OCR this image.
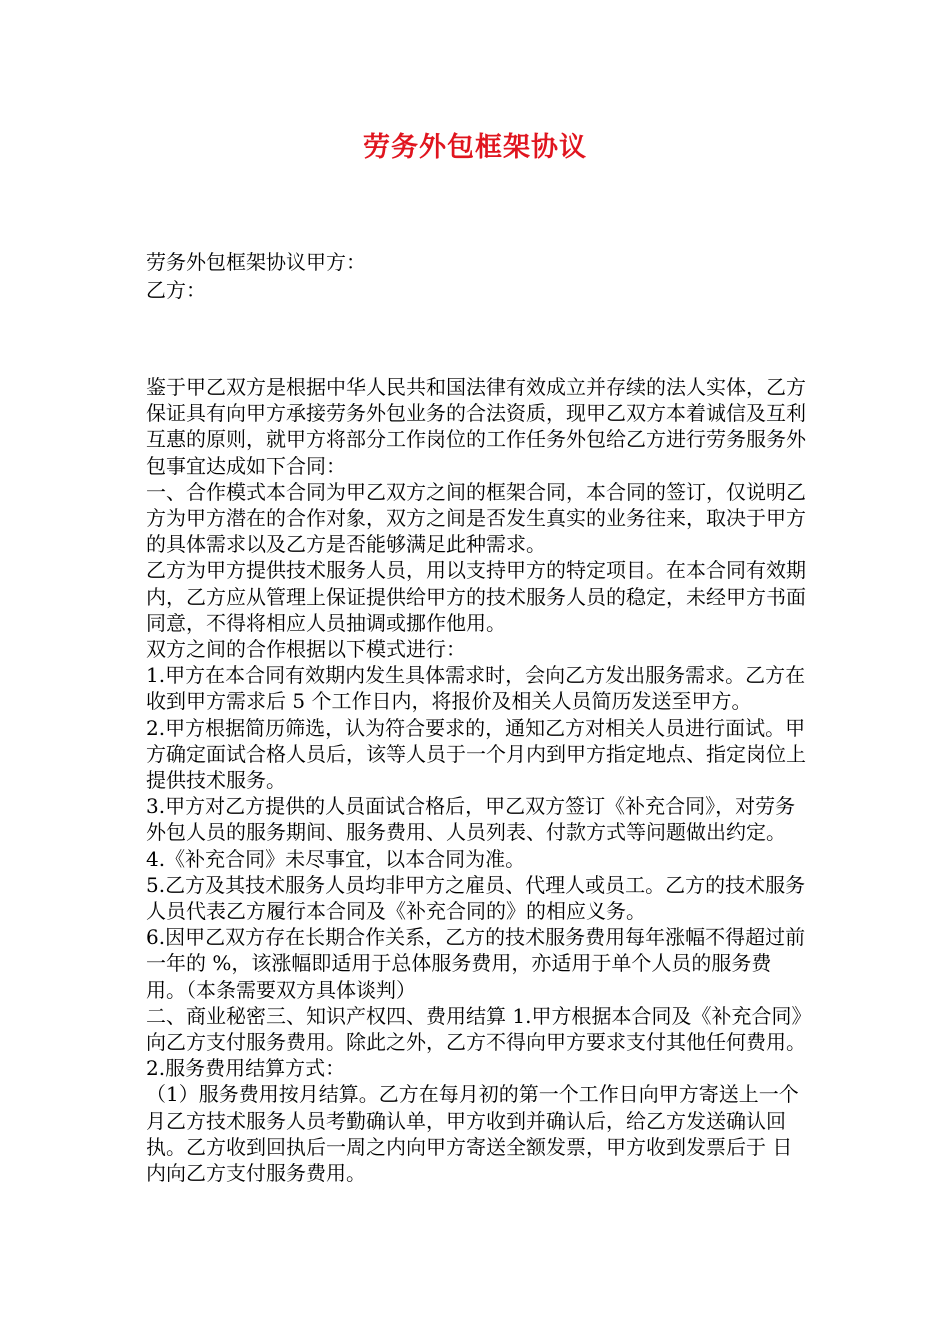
劳务外包框架协议

劳务外包框架协议甲方：

乙方：

鉴于甲乙双方是根据中华人民共和国法律有效成立并存续的法人实体，乙方保证具有向甲方承接劳务外包业务的合法资质，现甲乙双方本着诚信及互利互惠的原则，就甲方将部分工作岗位的工作任务外包给乙方进行劳务服务外包事宜达成如下合同：

一、合作模式本合同为甲乙双方之间的框架合同，本合同的签订，仅说明乙方为甲方潜在的合作对象，双方之间是否发生真实的业务往来，取决于甲方的具体需求以及乙方是否能够满足此种需求。

乙方为甲方提供技术服务人员，用以支持甲方的特定项目。在本合同有效期内，乙方应从管理上保证提供给甲方的技术服务人员的稳定，未经甲方书面同意，不得将相应人员抽调或挪作他用。

双方之间的合作根据以下模式进行：

1.甲方在本合同有效期内发生具体需求时，会向乙方发出服务需求。乙方在收到甲方需求后 5 个工作日内，将报价及相关人员简历发送至甲方。

2.甲方根据简历筛选，认为符合要求的，通知乙方对相关人员进行面试。甲方确定面试合格人员后，该等人员于一个月内到甲方指定地点、指定岗位上提供技术服务。

3.甲方对乙方提供的人员面试合格后，甲乙双方签订《补充合同》，对劳务外包人员的服务期间、服务费用、人员列表、付款方式等问题做出约定。

4.《补充合同》未尽事宜，以本合同为准。

5.乙方及其技术服务人员均非甲方之雇员、代理人或员工。乙方的技术服务人员代表乙方履行本合同及《补充合同的》的相应义务。

6.因甲乙双方存在长期合作关系，乙方的技术服务费用每年涨幅不得超过前一年的 %，该涨幅即适用于总体服务费用，亦适用于单个人员的服务费用。（本条需要双方具体谈判）

二、商业秘密三、知识产权四、费用结算 1.甲方根据本合同及《补充合同》向乙方支付服务费用。除此之外，乙方不得向甲方要求支付其他任何费用。

2.服务费用结算方式：

（1）服务费用按月结算。乙方在每月初的第一个工作日向甲方寄送上一个月乙方技术服务人员考勤确认单，甲方收到并确认后，给乙方发送确认回执。乙方收到回执后一周之内向甲方寄送全额发票，甲方收到发票后于 日内向乙方支付服务费用。
